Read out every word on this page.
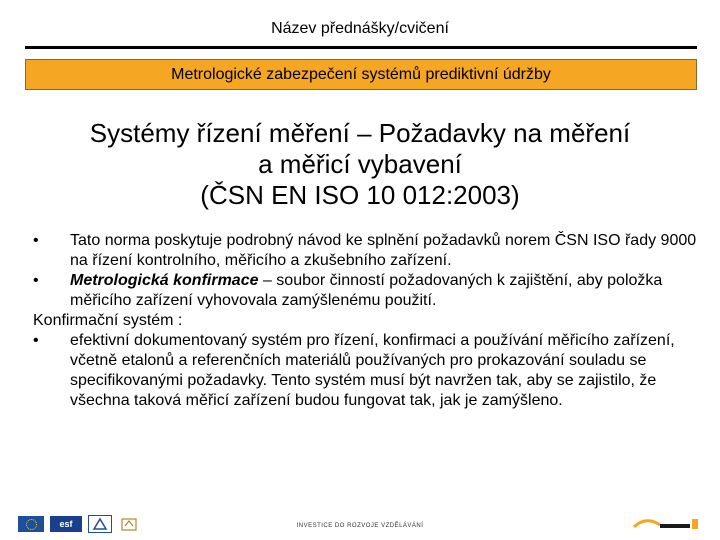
Název přednášky/cvičení
Metrologické zabezpečení systémů prediktivní údržby
Systémy řízení měření – Požadavky na měření
a měřicí vybavení
(ČSN EN ISO 10 012:2003)
• Tato norma poskytuje podrobný návod ke splnění požadavků norem ČSN ISO řady 9000 na řízení kontrolního, měřicího a zkušebního zařízení.
• Metrologická konfirmace – soubor činností požadovaných k zajištění, aby položka měřicího zařízení vyhovovala zamýšlenému použití.
Konfirmační systém :
• efektivní dokumentovaný systém pro řízení, konfirmaci a používání měřicího zařízení, včetně etalonů a referenčních materiálů používaných pro prokazování souladu se specifikovanými požadavky. Tento systém musí být navržen tak, aby se zajistilo, že všechna taková měřicí zařízení budou fungovat tak, jak je zamýšleno.
esf	INVESTICE DO ROZVOJE VZDĚLÁVÁNÍ
